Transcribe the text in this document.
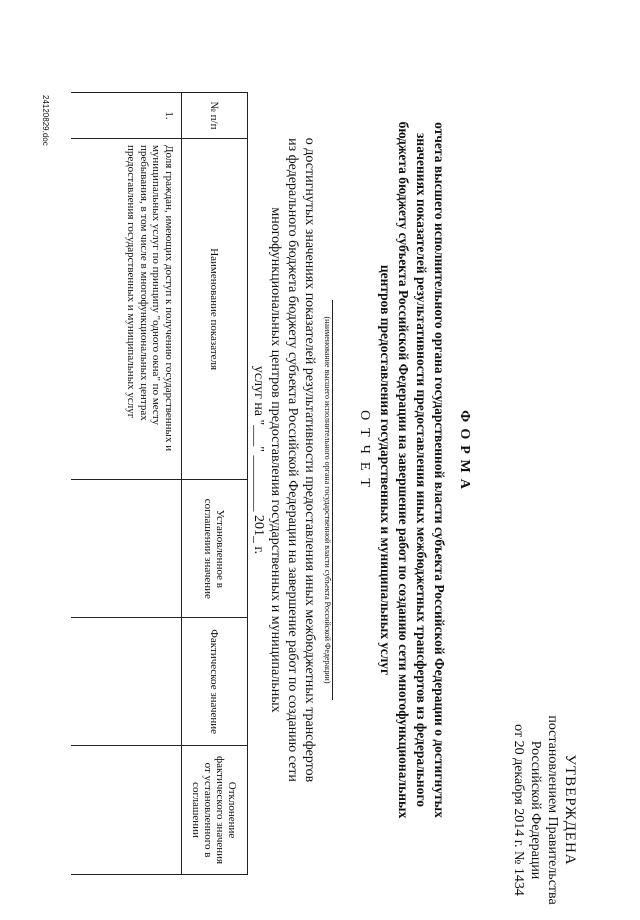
УТВЕРЖДЕНА
постановлением Правительства
Российской Федерации
от 20 декабря 2014 г. № 1434
ФОРМА
отчета высшего исполнительного органа государственной власти субъекта Российской Федерации о достигнутых значениях показателей результативности предоставления иных межбюджетных трансфертов из федерального бюджета бюджету субъекта Российской Федерации на завершение работ по созданию сети многофункциональных центров предоставления государственных и муниципальных услуг
ОТЧЕТ
(наименование высшего исполнительного органа государственной власти субъекта Российской Федерации)
о достигнутых значениях показателей результативности предоставления иных межбюджетных трансфертов из федерального бюджета бюджету субъекта Российской Федерации на завершение работ по созданию сети многофункциональных центров предоставления государственных и муниципальных
услуг на "___" ________ 201_ г.
№ п/п	Наименование показателя	Установленное в соглашении значение	Фактическое значение	Отклонение фактического значения от установленного в соглашении
1.	Доля граждан, имеющих доступ к получению государственных и муниципальных услуг по принципу "одного окна" по месту пребывания, в том числе в многофункциональных центрах предоставления государственных и муниципальных услуг			
24120829.doc
